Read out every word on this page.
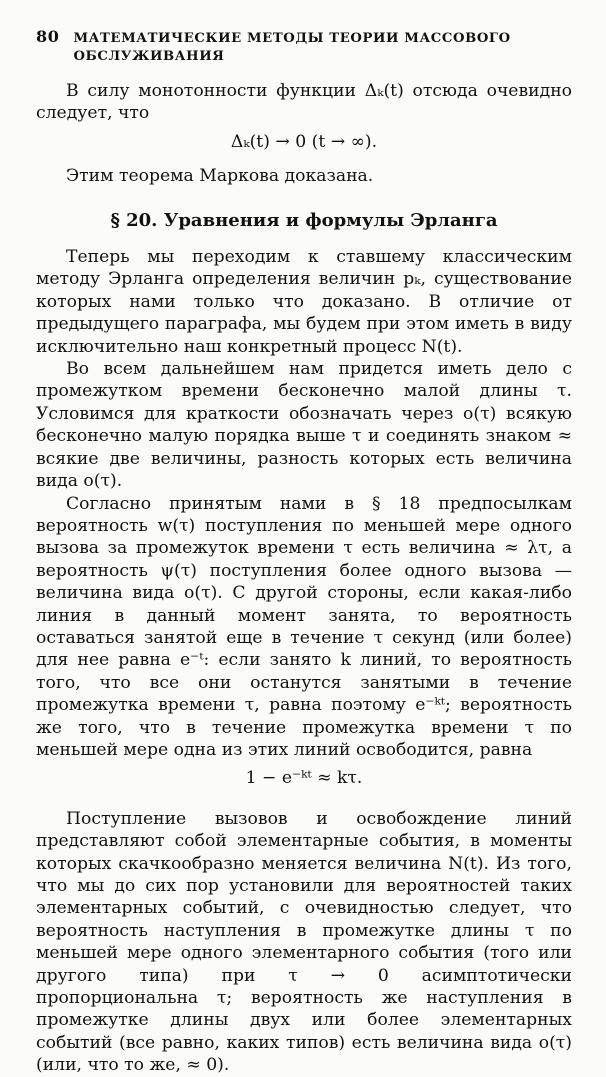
80 МАТЕМАТИЧЕСКИЕ МЕТОДЫ ТЕОРИИ МАССОВОГО ОБСЛУЖИВАНИЯ

В силу монотонности функции Δₖ(t) отсюда очевидно следует, что

Δₖ(t) → 0 (t → ∞).

Этим теорема Маркова доказана.

§ 20. Уравнения и формулы Эрланга

Теперь мы переходим к ставшему классическим методу Эрланга определения величин pₖ, существование которых нами только что доказано. В отличие от предыдущего параграфа, мы будем при этом иметь в виду исключительно наш конкретный процесс N(t).

Во всем дальнейшем нам придется иметь дело с промежутком времени бесконечно малой длины τ. Условимся для краткости обозначать через o(τ) всякую бесконечно малую порядка выше τ и соединять знаком ≈ всякие две величины, разность которых есть величина вида o(τ).

Согласно принятым нами в § 18 предпосылкам вероятность w(τ) поступления по меньшей мере одного вызова за промежуток времени τ есть величина ≈ λτ, а вероятность ψ(τ) поступления более одного вызова — величина вида o(τ). С другой стороны, если какая-либо линия в данный момент занята, то вероятность оставаться занятой еще в течение τ секунд (или более) для нее равна e⁻ᵗ: если занято k линий, то вероятность того, что все они останутся занятыми в течение промежутка времени τ, равна поэтому e⁻ᵏᵗ; вероятность же того, что в течение промежутка времени τ по меньшей мере одна из этих линий освободится, равна

1 − e⁻ᵏᵗ ≈ kτ.

Поступление вызовов и освобождение линий представляют собой элементарные события, в моменты которых скачкообразно меняется величина N(t). Из того, что мы до сих пор установили для вероятностей таких элементарных событий, с очевидностью следует, что вероятность наступления в промежутке длины τ по меньшей мере одного элементарного события (того или другого типа) при τ → 0 асимптотически пропорциональна τ; вероятность же наступления в промежутке длины двух или более элементарных событий (все равно, каких типов) есть величина вида o(τ) (или, что то же, ≈ 0).
